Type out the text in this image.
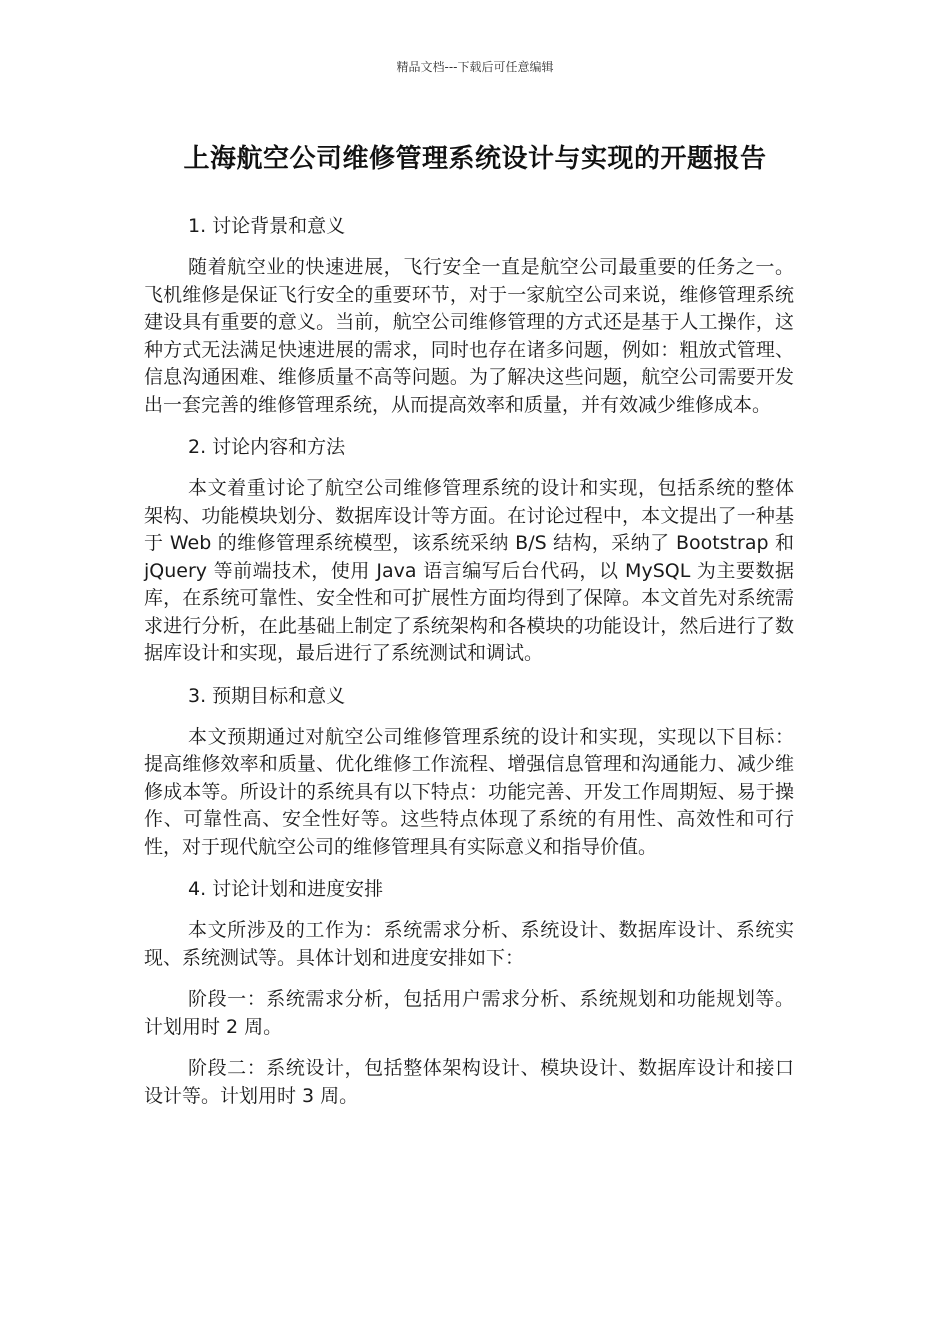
精品文档---下载后可任意编辑
上海航空公司维修管理系统设计与实现的开题报告
1. 讨论背景和意义

随着航空业的快速进展，飞行安全一直是航空公司最重要的任务之一。飞机维修是保证飞行安全的重要环节，对于一家航空公司来说，维修管理系统建设具有重要的意义。当前，航空公司维修管理的方式还是基于人工操作，这种方式无法满足快速进展的需求，同时也存在诸多问题，例如：粗放式管理、信息沟通困难、维修质量不高等问题。为了解决这些问题，航空公司需要开发出一套完善的维修管理系统，从而提高效率和质量，并有效减少维修成本。

2. 讨论内容和方法

本文着重讨论了航空公司维修管理系统的设计和实现，包括系统的整体架构、功能模块划分、数据库设计等方面。在讨论过程中，本文提出了一种基于 Web 的维修管理系统模型，该系统采纳 B/S 结构，采纳了 Bootstrap 和 jQuery 等前端技术，使用 Java 语言编写后台代码，以 MySQL 为主要数据库，在系统可靠性、安全性和可扩展性方面均得到了保障。本文首先对系统需求进行分析，在此基础上制定了系统架构和各模块的功能设计，然后进行了数据库设计和实现，最后进行了系统测试和调试。

3. 预期目标和意义

本文预期通过对航空公司维修管理系统的设计和实现，实现以下目标：提高维修效率和质量、优化维修工作流程、增强信息管理和沟通能力、减少维修成本等。所设计的系统具有以下特点：功能完善、开发工作周期短、易于操作、可靠性高、安全性好等。这些特点体现了系统的有用性、高效性和可行性，对于现代航空公司的维修管理具有实际意义和指导价值。

4. 讨论计划和进度安排

本文所涉及的工作为：系统需求分析、系统设计、数据库设计、系统实现、系统测试等。具体计划和进度安排如下：

阶段一：系统需求分析，包括用户需求分析、系统规划和功能规划等。计划用时 2 周。

阶段二：系统设计，包括整体架构设计、模块设计、数据库设计和接口设计等。计划用时 3 周。
